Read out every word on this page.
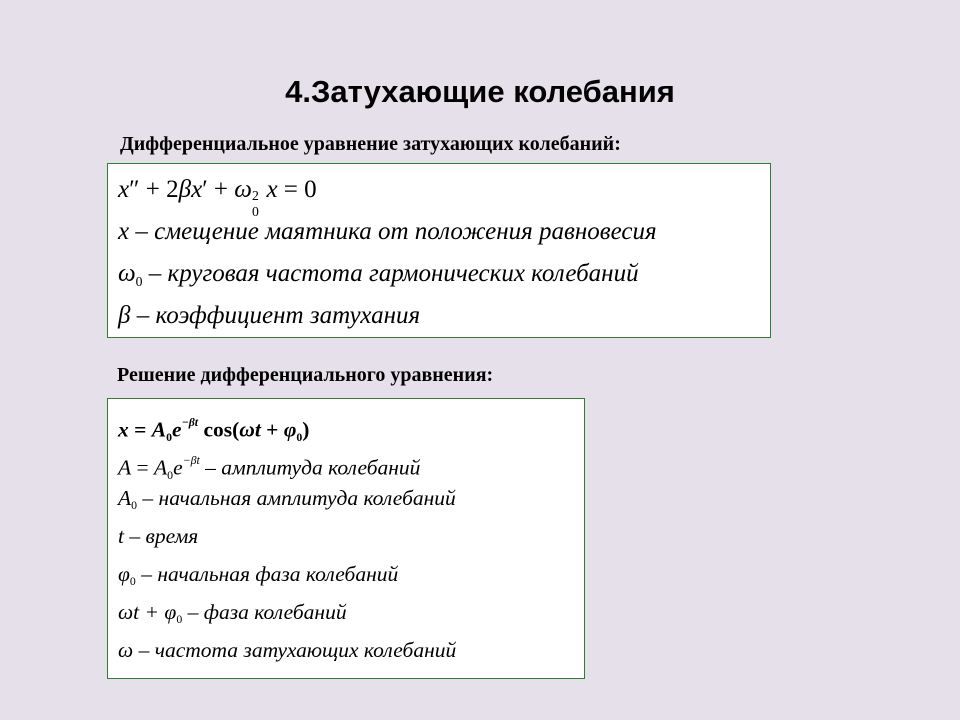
4.Затухающие колебания

Дифференциальное уравнение затухающих колебаний:

x″ + 2βx′ + ω 2
0
x = 0
x – смещение маятника от положения равновесия
$\omega_0$ – круговая частота гармонических колебаний
β – коэффициент затухания

Решение дифференциального уравнения:

$x = A_0e^{-\beta t}$ $\cos(\omega t + \varphi_0)$
$A = A_0e^{-\beta t}$ – амплитуда колебаний
$A_0$ – начальная амплитуда колебаний
t – время
$\varphi_0$ – начальная фаза колебаний
$\omega t + \varphi_0$ – фаза колебаний
ω – частота затухающих колебаний
